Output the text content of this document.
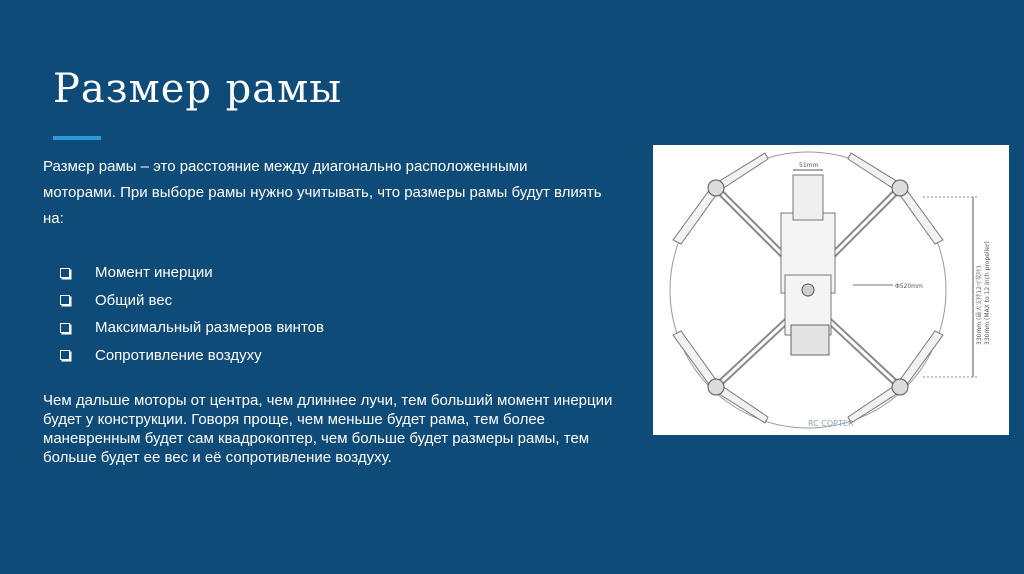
Размер рамы

Размер рамы – это расстояние между диагонально расположенными моторами. При выборе рамы нужно учитывать, что размеры рамы будут влиять на:

Момент инерции
Общий вес
Максимальный размеров винтов
Сопротивление воздуху

Чем дальше моторы от центра, чем длиннее лучи, тем больший момент инерции будет у конструкции. Говоря проще, чем меньше будет рама, тем более маневренным будет сам квадрокоптер, чем больше будет размеры рамы, тем больше будет ее вес и её сопротивление воздуху.

51mm
Φ520mm	330mm (最大支持12寸桨叶) 330mm (MAX to 12 inch propeller)
RC COPTER
